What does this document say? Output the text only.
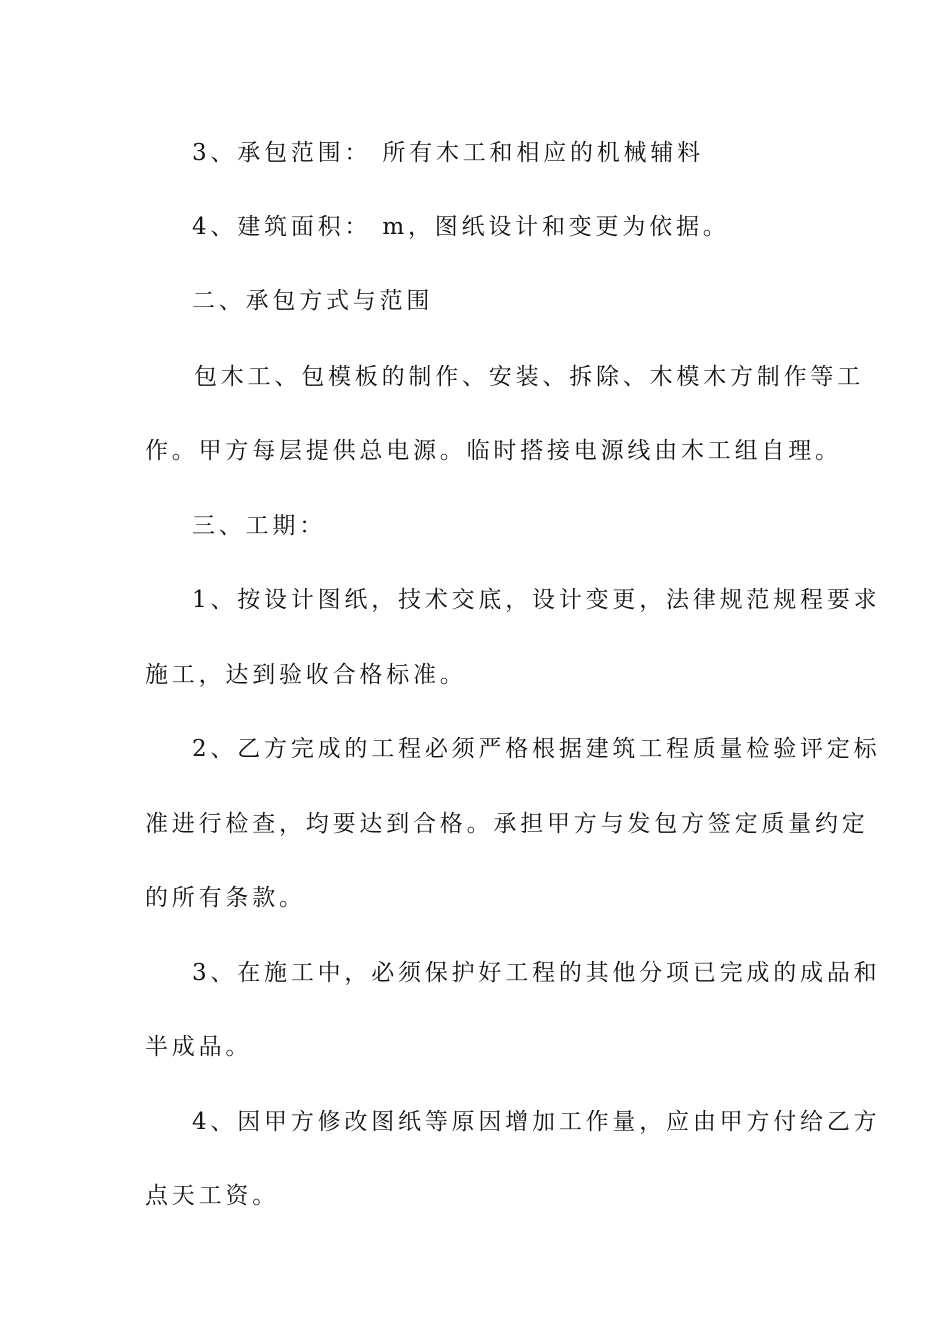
3、承包范围： 所有木工和相应的机械辅料
4、建筑面积： m，图纸设计和变更为依据。
二、承包方式与范围
包木工、包模板的制作、安装、拆除、木模木方制作等工
作。甲方每层提供总电源。临时搭接电源线由木工组自理。
三、工期：
1、按设计图纸，技术交底，设计变更，法律规范规程要求
施工，达到验收合格标准。
2、乙方完成的工程必须严格根据建筑工程质量检验评定标
准进行检查，均要达到合格。承担甲方与发包方签定质量约定
的所有条款。
3、在施工中，必须保护好工程的其他分项已完成的成品和
半成品。
4、因甲方修改图纸等原因增加工作量，应由甲方付给乙方
点天工资。
